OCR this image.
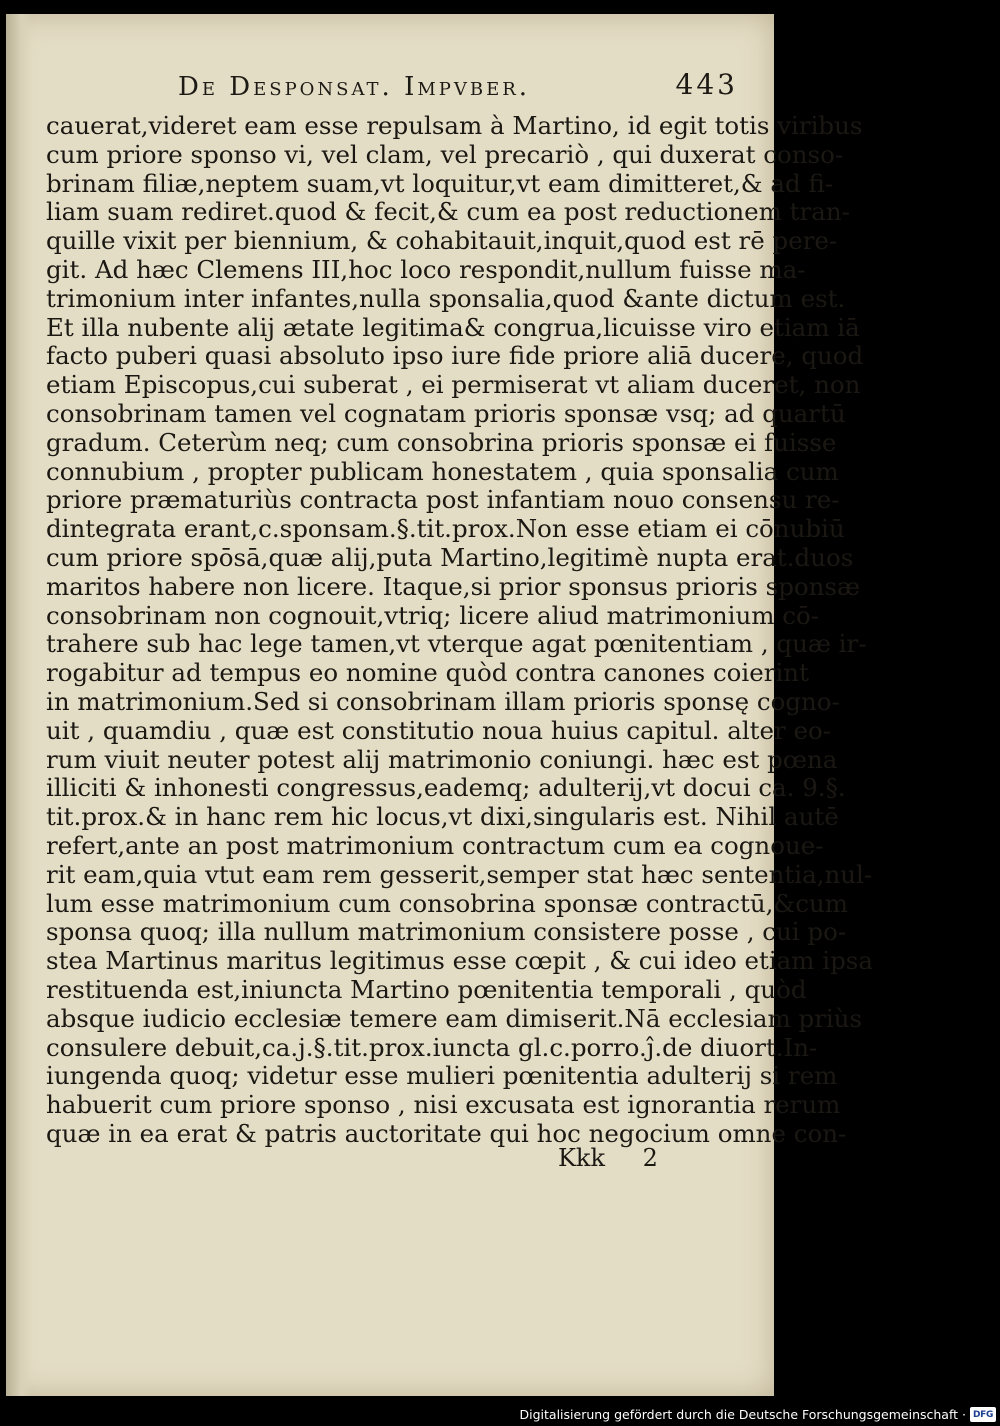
De Desponsat. Impvber.	443
cauerat,videret eam esse repulsam à Martino, id egit totis viribus
cum priore sponso vi, vel clam, vel precariò , qui duxerat conso-
brinam filiæ,neptem suam,vt loquitur,vt eam dimitteret,& ad fi-
liam suam rediret.quod & fecit,& cum ea post reductionem tran-
quille vixit per biennium, & cohabitauit,inquit,quod est rē pere-
git. Ad hæc Clemens III,hoc loco respondit,nullum fuisse ma-
trimonium inter infantes,nulla sponsalia,quod &ante dictum est.
Et illa nubente alij ætate legitima& congrua,licuisse viro etiam iā
facto puberi quasi absoluto ipso iure fide priore aliā ducere, quod
etiam Episcopus,cui suberat , ei permiserat vt aliam duceret, non
consobrinam tamen vel cognatam prioris sponsæ vsq; ad quartū
gradum. Ceterùm neq; cum consobrina prioris sponsæ ei fuisse
connubium , propter publicam honestatem , quia sponsalia cum
priore præmaturiùs contracta post infantiam nouo consensu re-
dintegrata erant,c.sponsam.§.tit.prox.Non esse etiam ei cōnubiū
cum priore spōsā,quæ alij,puta Martino,legitimè nupta erat.duos
maritos habere non licere. Itaque,si prior sponsus prioris sponsæ
consobrinam non cognouit,vtriq; licere aliud matrimonium cō-
trahere sub hac lege tamen,vt vterque agat pœnitentiam , quæ ir-
rogabitur ad tempus eo nomine quòd contra canones coierint
in matrimonium.Sed si consobrinam illam prioris sponsę cogno-
uit , quamdiu , quæ est constitutio noua huius capitul. alter eo-
rum viuit neuter potest alij matrimonio coniungi. hæc est pœna
illiciti & inhonesti congressus,eademq; adulterij,vt docui ca. 9.§.
tit.prox.& in hanc rem hic locus,vt dixi,singularis est. Nihil autē
refert,ante an post matrimonium contractum cum ea cognoue-
rit eam,quia vtut eam rem gesserit,semper stat hæc sententia,nul-
lum esse matrimonium cum consobrina sponsæ contractū,&cum
sponsa quoq; illa nullum matrimonium consistere posse , cui po-
stea Martinus maritus legitimus esse cœpit , & cui ideo etiam ipsa
restituenda est,iniuncta Martino pœnitentia temporali , quòd
absque iudicio ecclesiæ temere eam dimiserit.Nā ecclesiam priùs
consulere debuit,ca.j.§.tit.prox.iuncta gl.c.porro.ĵ.de diuort.In-
iungenda quoq; videtur esse mulieri pœnitentia adulterij si rem
habuerit cum priore sponso , nisi excusata est ignorantia rerum
quæ in ea erat & patris auctoritate qui hoc negocium omne con-
Kkk 2
Digitalisierung gefördert durch die Deutsche Forschungsgemeinschaft · DFG
